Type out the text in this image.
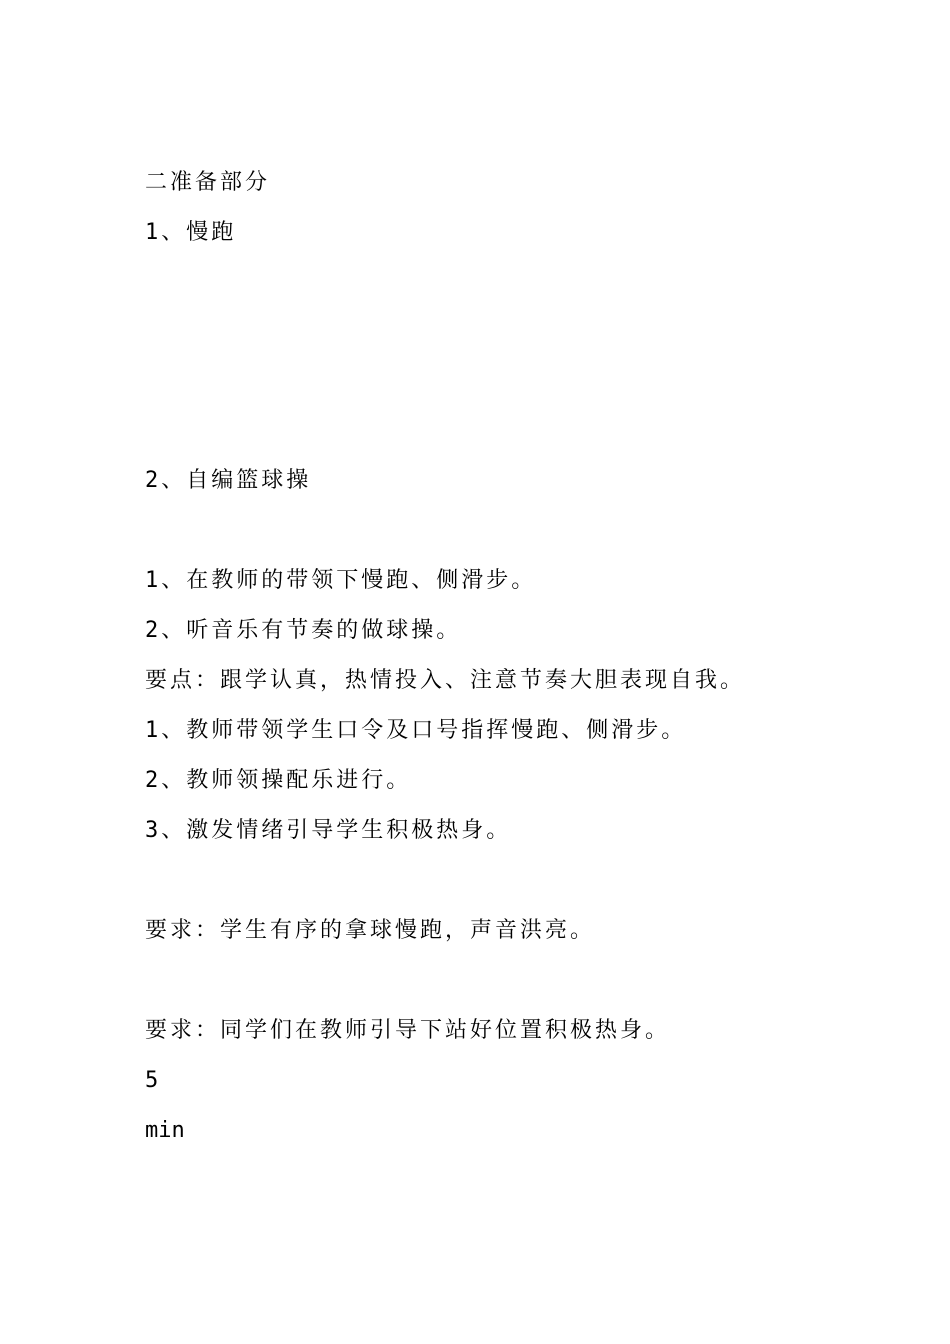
二准备部分
1、慢跑
2、自编篮球操
1、在教师的带领下慢跑、侧滑步。
2、听音乐有节奏的做球操。
要点：跟学认真，热情投入、注意节奏大胆表现自我。
1、教师带领学生口令及口号指挥慢跑、侧滑步。
2、教师领操配乐进行。
3、激发情绪引导学生积极热身。
要求：学生有序的拿球慢跑，声音洪亮。
要求：同学们在教师引导下站好位置积极热身。
5
min
